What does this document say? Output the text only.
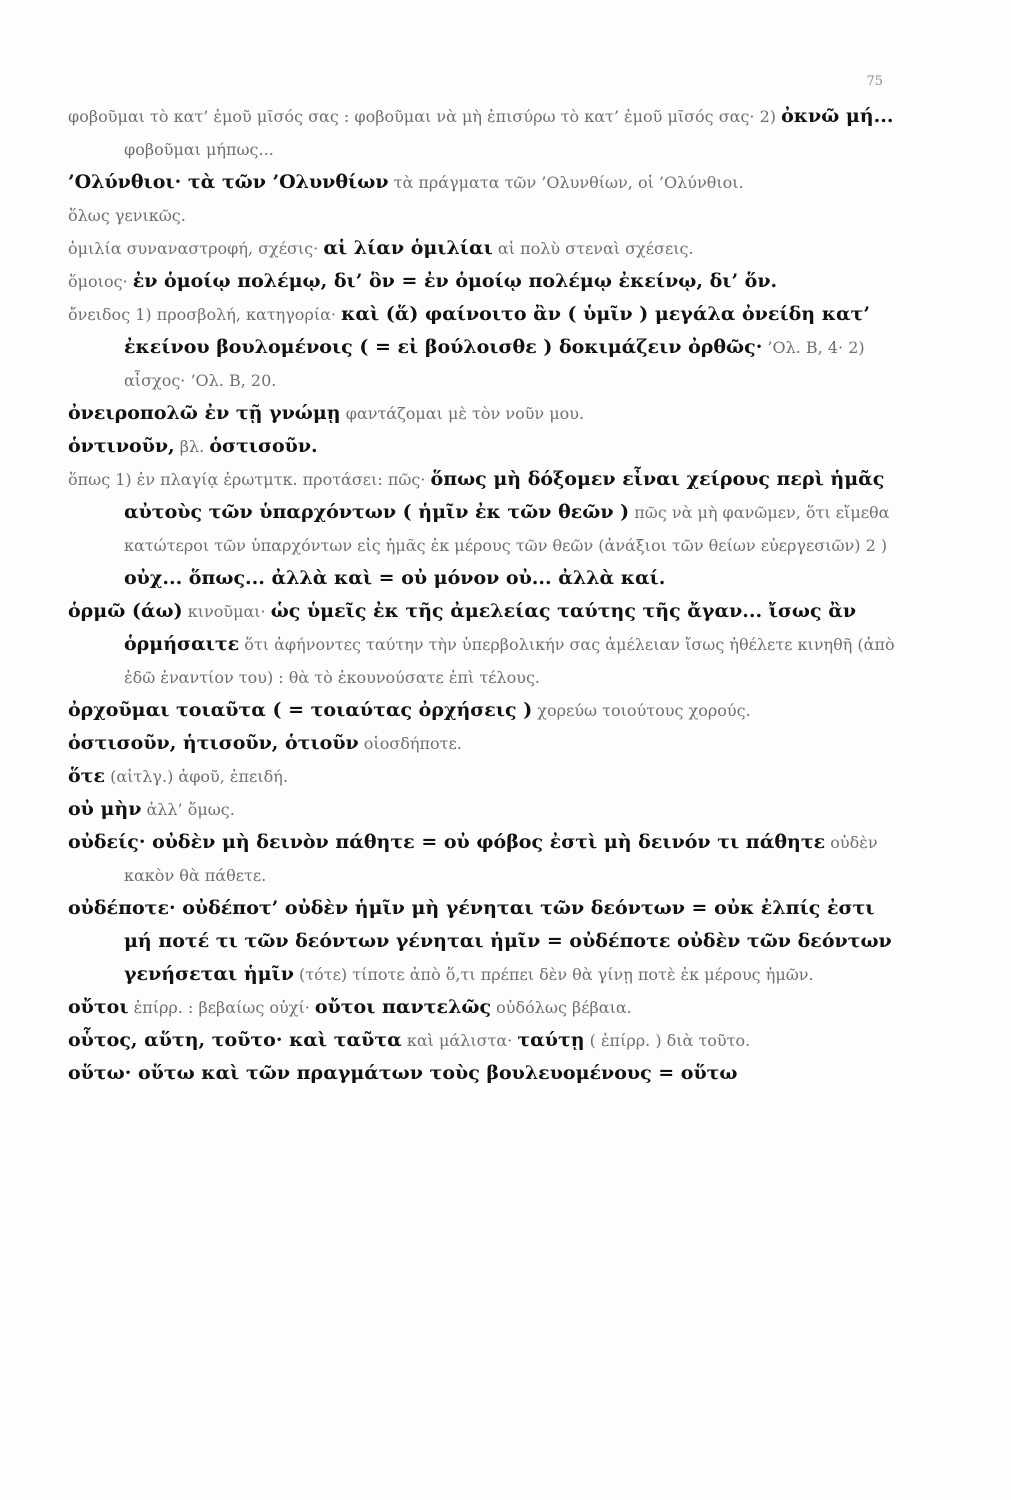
75
φοβοῦμαι τὸ κατ’ ἐμοῦ μῖσός σας : φοβοῦμαι νὰ μὴ ἐπισύρω τὸ κατ’ ἐμοῦ μῖσός σας· 2) ὀκνῶ μή... φοβοῦμαι μήπως...
’Ολύνθιοι· τὰ τῶν ’Ολυνθίων τὰ πράγματα τῶν ’Ολυνθίων, οἱ ’Ολύνθιοι.
ὅλως γενικῶς.
ὁμιλία συναναστροφή, σχέσις· αἱ λίαν ὁμιλίαι αἱ πολὺ στεναὶ σχέσεις.
ὅμοιος· ἐν ὁμοίῳ πολέμῳ, δι’ ὃν = ἐν ὁμοίῳ πολέμῳ ἐκείνῳ, δι’ ὅν.
ὄνειδος 1) προσβολή, κατηγορία· καὶ (ἅ) φαίνοιτο ἂν ( ὑμῖν ) μεγάλα ὀνείδη κατ’ ἐκείνου βουλομένοις ( = εἰ βούλοισθε ) δοκιμάζειν ὀρθῶς· ’Ολ. Β, 4· 2) αἶσχος· ’Ολ. Β, 20.
ὀνειροπολῶ ἐν τῇ γνώμῃ φαντάζομαι μὲ τὸν νοῦν μου.
ὁντινοῦν, βλ. ὁστισοῦν.
ὅπως 1) ἐν πλαγίᾳ ἐρωτμτκ. προτάσει: πῶς· ὅπως μὴ δόξομεν εἶναι χείρους περὶ ἡμᾶς αὐτοὺς τῶν ὑπαρχόντων ( ἡμῖν ἐκ τῶν θεῶν ) πῶς νὰ μὴ φανῶμεν, ὅτι εἴμεθα κατώτεροι τῶν ὑπαρχόντων εἰς ἡμᾶς ἐκ μέρους τῶν θεῶν (ἀνάξιοι τῶν θείων εὐεργεσιῶν) 2 ) οὐχ... ὅπως... ἀλλὰ καὶ = οὐ μόνον οὐ... ἀλλὰ καί.
ὁρμῶ (άω) κινοῦμαι· ὡς ὑμεῖς ἐκ τῆς ἀμελείας ταύτης τῆς ἄγαν... ἴσως ἂν ὁρμήσαιτε ὅτι ἀφήνοντες ταύτην τὴν ὑπερβολικήν σας ἀμέλειαν ἴσως ἠθέλετε κινηθῆ (ἀπὸ ἐδῶ ἐναντίον του) : θὰ τὸ ἐκουνούσατε ἐπὶ τέλους.
ὀρχοῦμαι τοιαῦτα ( = τοιαύτας ὀρχήσεις ) χορεύω τοιούτους χορούς.
ὁστισοῦν, ἡτισοῦν, ὁτιοῦν οἱοσδήποτε.
ὅτε (αἰτλγ.) ἀφοῦ, ἐπειδή.
οὐ μὴν ἀλλ’ ὅμως.
οὐδείς· οὐδὲν μὴ δεινὸν πάθητε = οὐ φόβος ἐστὶ μὴ δεινόν τι πάθητε οὐδὲν κακὸν θὰ πάθετε.
οὐδέποτε· οὐδέποτ’ οὐδὲν ἡμῖν μὴ γένηται τῶν δεόντων = οὐκ ἐλπίς ἐστι μή ποτέ τι τῶν δεόντων γένηται ἡμῖν = οὐδέποτε οὐδὲν τῶν δεόντων γενήσεται ἡμῖν (τότε) τίποτε ἀπὸ ὅ,τι πρέπει δὲν θὰ γίνῃ ποτὲ ἐκ μέρους ἡμῶν.
οὔτοι ἐπίρρ. : βεβαίως οὐχί· οὔτοι παντελῶς οὐδόλως βέβαια.
οὗτος, αὕτη, τοῦτο· καὶ ταῦτα καὶ μάλιστα· ταύτῃ ( ἐπίρρ. ) διὰ τοῦτο.
οὕτω· οὕτω καὶ τῶν πραγμάτων τοὺς βουλευομένους = οὕτω
